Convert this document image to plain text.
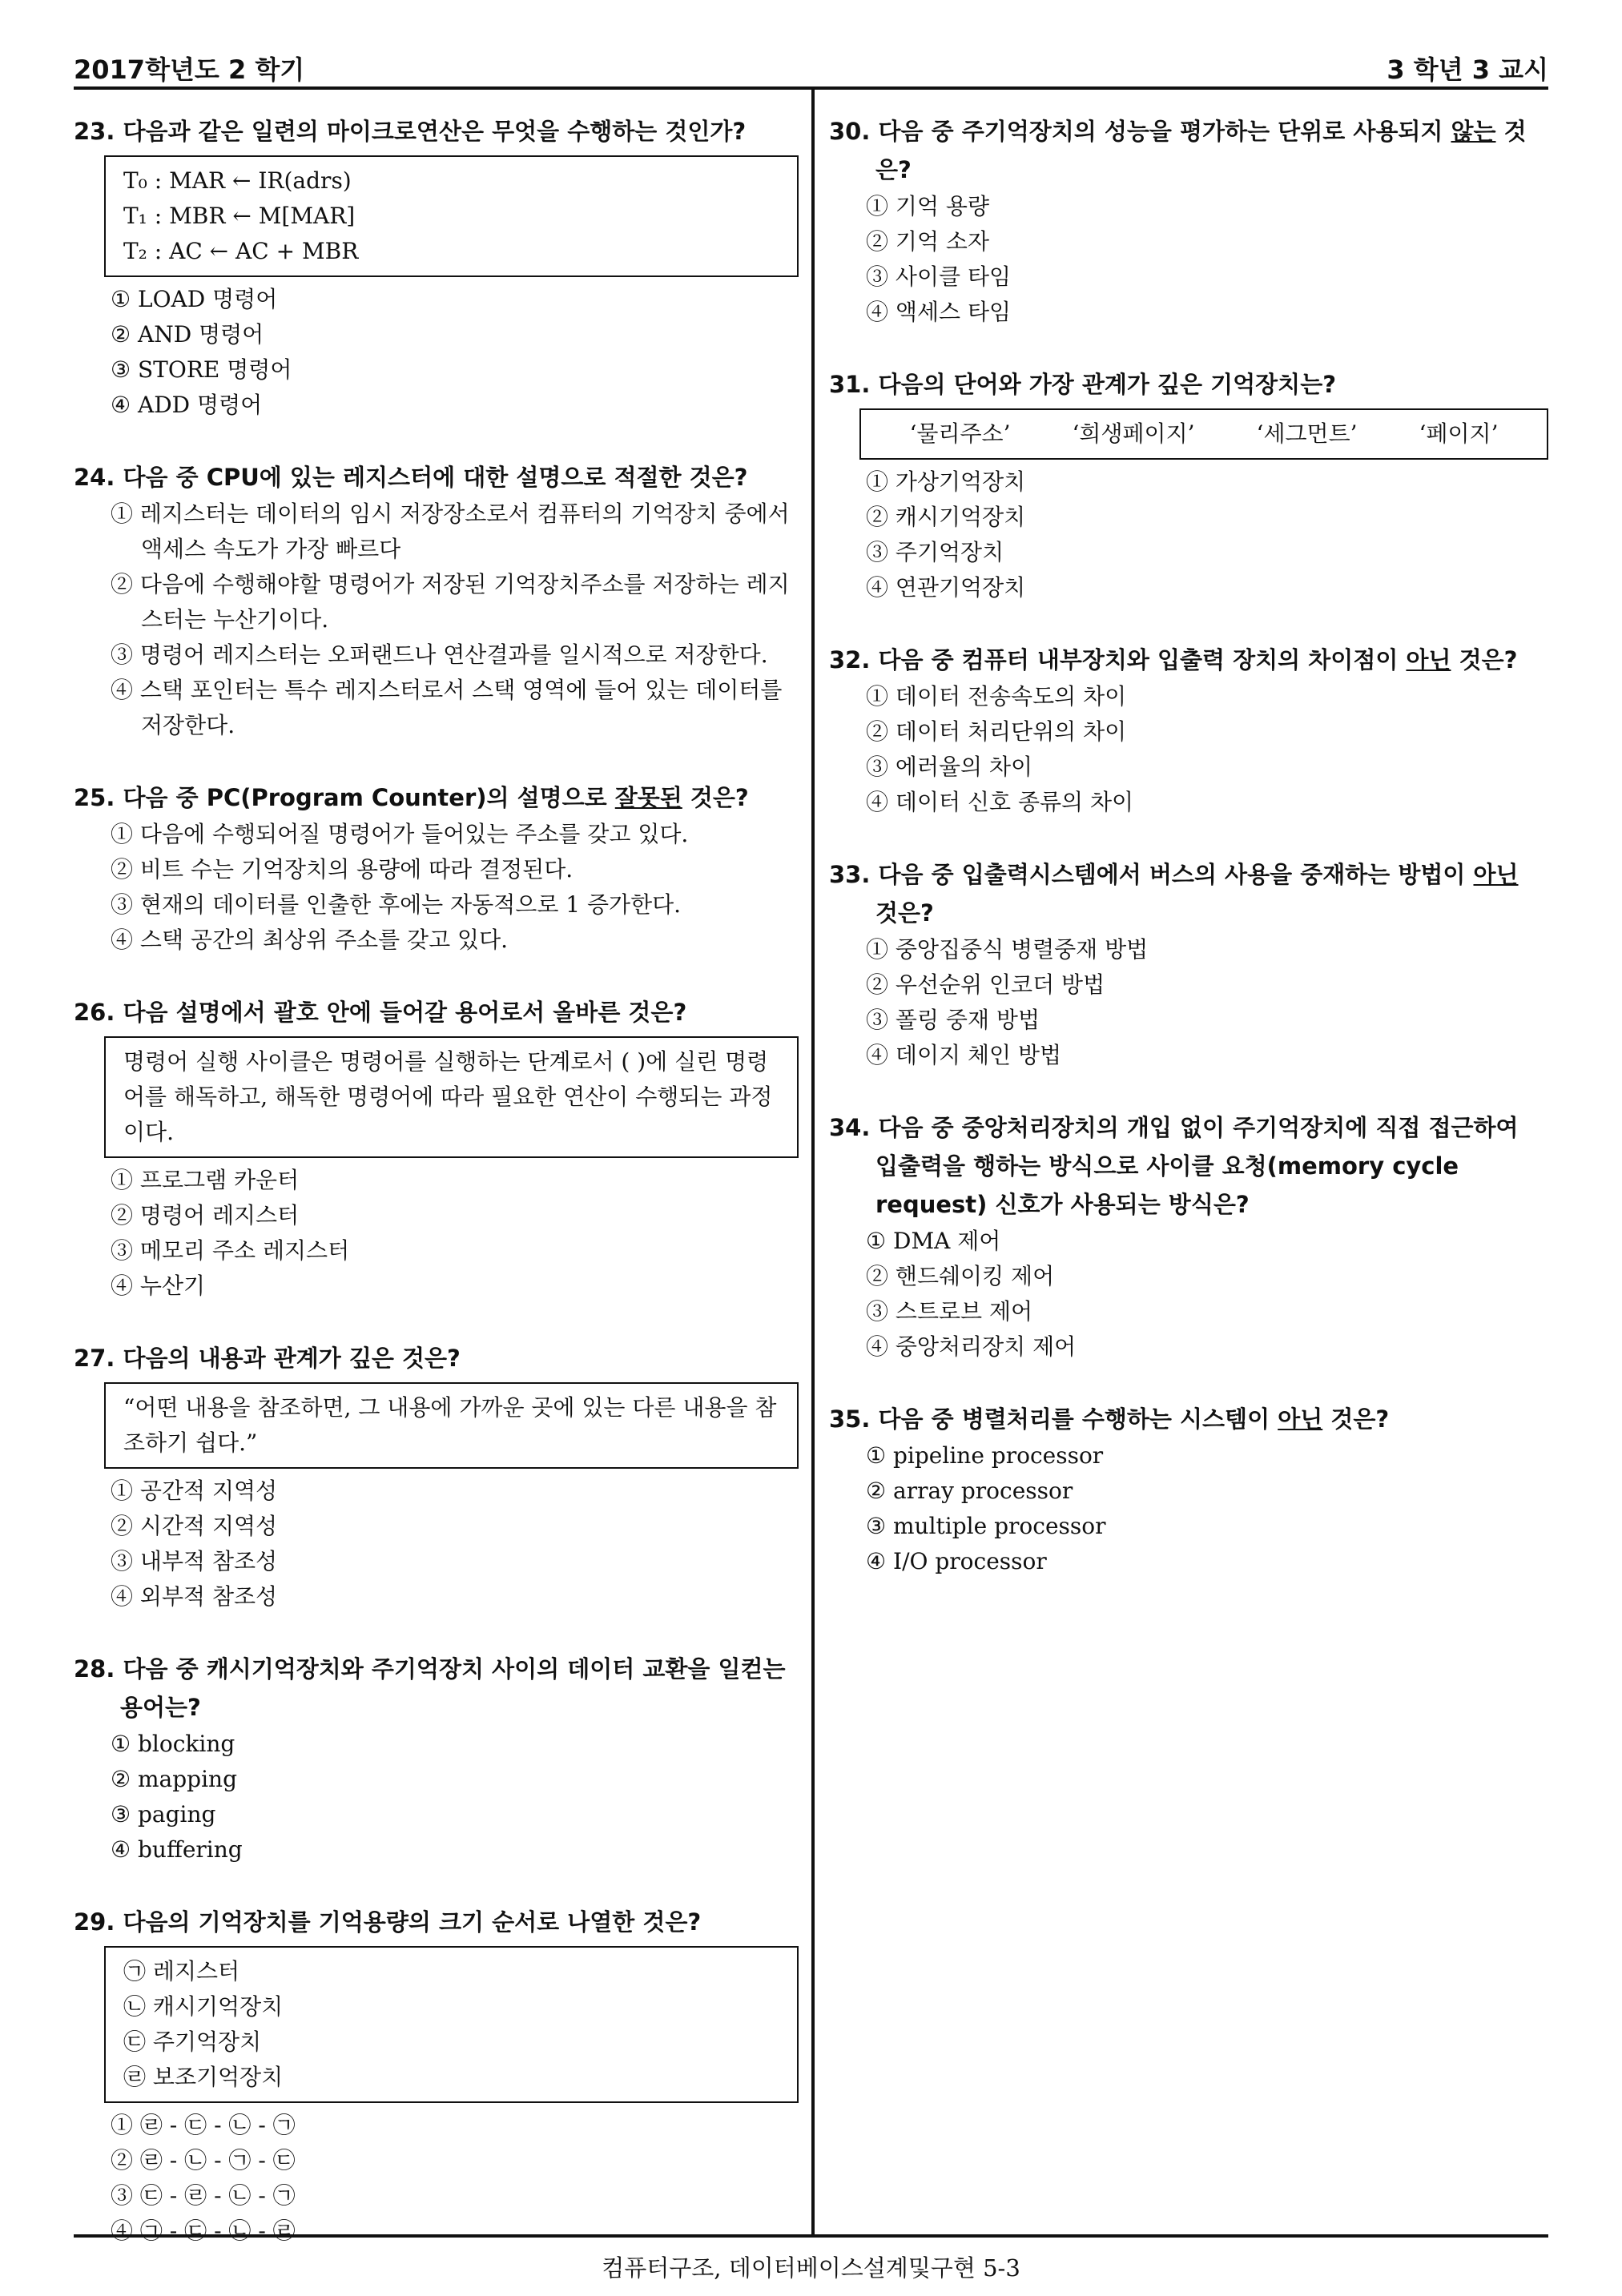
2017학년도 2 학기	3 학년 3 교시
23. 다음과 같은 일련의 마이크로연산은 무엇을 수행하는 것인가?
T₀ : MAR ← IR(adrs)
T₁ : MBR ← M[MAR]
T₂ : AC ← AC + MBR
① LOAD 명령어
② AND 명령어
③ STORE 명령어
④ ADD 명령어
24. 다음 중 CPU에 있는 레지스터에 대한 설명으로 적절한 것은?
① 레지스터는 데이터의 임시 저장장소로서 컴퓨터의 기억장치 중에서 액세스 속도가 가장 빠르다
② 다음에 수행해야할 명령어가 저장된 기억장치주소를 저장하는 레지스터는 누산기이다.
③ 명령어 레지스터는 오퍼랜드나 연산결과를 일시적으로 저장한다.
④ 스택 포인터는 특수 레지스터로서 스택 영역에 들어 있는 데이터를 저장한다.
25. 다음 중 PC(Program Counter)의 설명으로 잘못된 것은?
① 다음에 수행되어질 명령어가 들어있는 주소를 갖고 있다.
② 비트 수는 기억장치의 용량에 따라 결정된다.
③ 현재의 데이터를 인출한 후에는 자동적으로 1 증가한다.
④ 스택 공간의 최상위 주소를 갖고 있다.
26. 다음 설명에서 괄호 안에 들어갈 용어로서 올바른 것은?
명령어 실행 사이클은 명령어를 실행하는 단계로서 ( )에 실린 명령어를 해독하고, 해독한 명령어에 따라 필요한 연산이 수행되는 과정이다.
① 프로그램 카운터
② 명령어 레지스터
③ 메모리 주소 레지스터
④ 누산기
27. 다음의 내용과 관계가 깊은 것은?
“어떤 내용을 참조하면, 그 내용에 가까운 곳에 있는 다른 내용을 참조하기 쉽다.”
① 공간적 지역성
② 시간적 지역성
③ 내부적 참조성
④ 외부적 참조성
28. 다음 중 캐시기억장치와 주기억장치 사이의 데이터 교환을 일컫는 용어는?
① blocking
② mapping
③ paging
④ buffering
29. 다음의 기억장치를 기억용량의 크기 순서로 나열한 것은?
㉠ 레지스터
㉡ 캐시기억장치
㉢ 주기억장치
㉣ 보조기억장치
① ㉣ - ㉢ - ㉡ - ㉠
② ㉣ - ㉡ - ㉠ - ㉢
③ ㉢ - ㉣ - ㉡ - ㉠
④ ㉠ - ㉢ - ㉡ - ㉣
30. 다음 중 주기억장치의 성능을 평가하는 단위로 사용되지 않는 것은?
① 기억 용량
② 기억 소자
③ 사이클 타임
④ 액세스 타임
31. 다음의 단어와 가장 관계가 깊은 기억장치는?
‘물리주소’	‘희생페이지’	‘세그먼트’	‘페이지’
① 가상기억장치
② 캐시기억장치
③ 주기억장치
④ 연관기억장치
32. 다음 중 컴퓨터 내부장치와 입출력 장치의 차이점이 아닌 것은?
① 데이터 전송속도의 차이
② 데이터 처리단위의 차이
③ 에러율의 차이
④ 데이터 신호 종류의 차이
33. 다음 중 입출력시스템에서 버스의 사용을 중재하는 방법이 아닌 것은?
① 중앙집중식 병렬중재 방법
② 우선순위 인코더 방법
③ 폴링 중재 방법
④ 데이지 체인 방법
34. 다음 중 중앙처리장치의 개입 없이 주기억장치에 직접 접근하여 입출력을 행하는 방식으로 사이클 요청(memory cycle request) 신호가 사용되는 방식은?
① DMA 제어
② 핸드쉐이킹 제어
③ 스트로브 제어
④ 중앙처리장치 제어
35. 다음 중 병렬처리를 수행하는 시스템이 아닌 것은?
① pipeline processor
② array processor
③ multiple processor
④ I/O processor
컴퓨터구조, 데이터베이스설계및구현 5-3
